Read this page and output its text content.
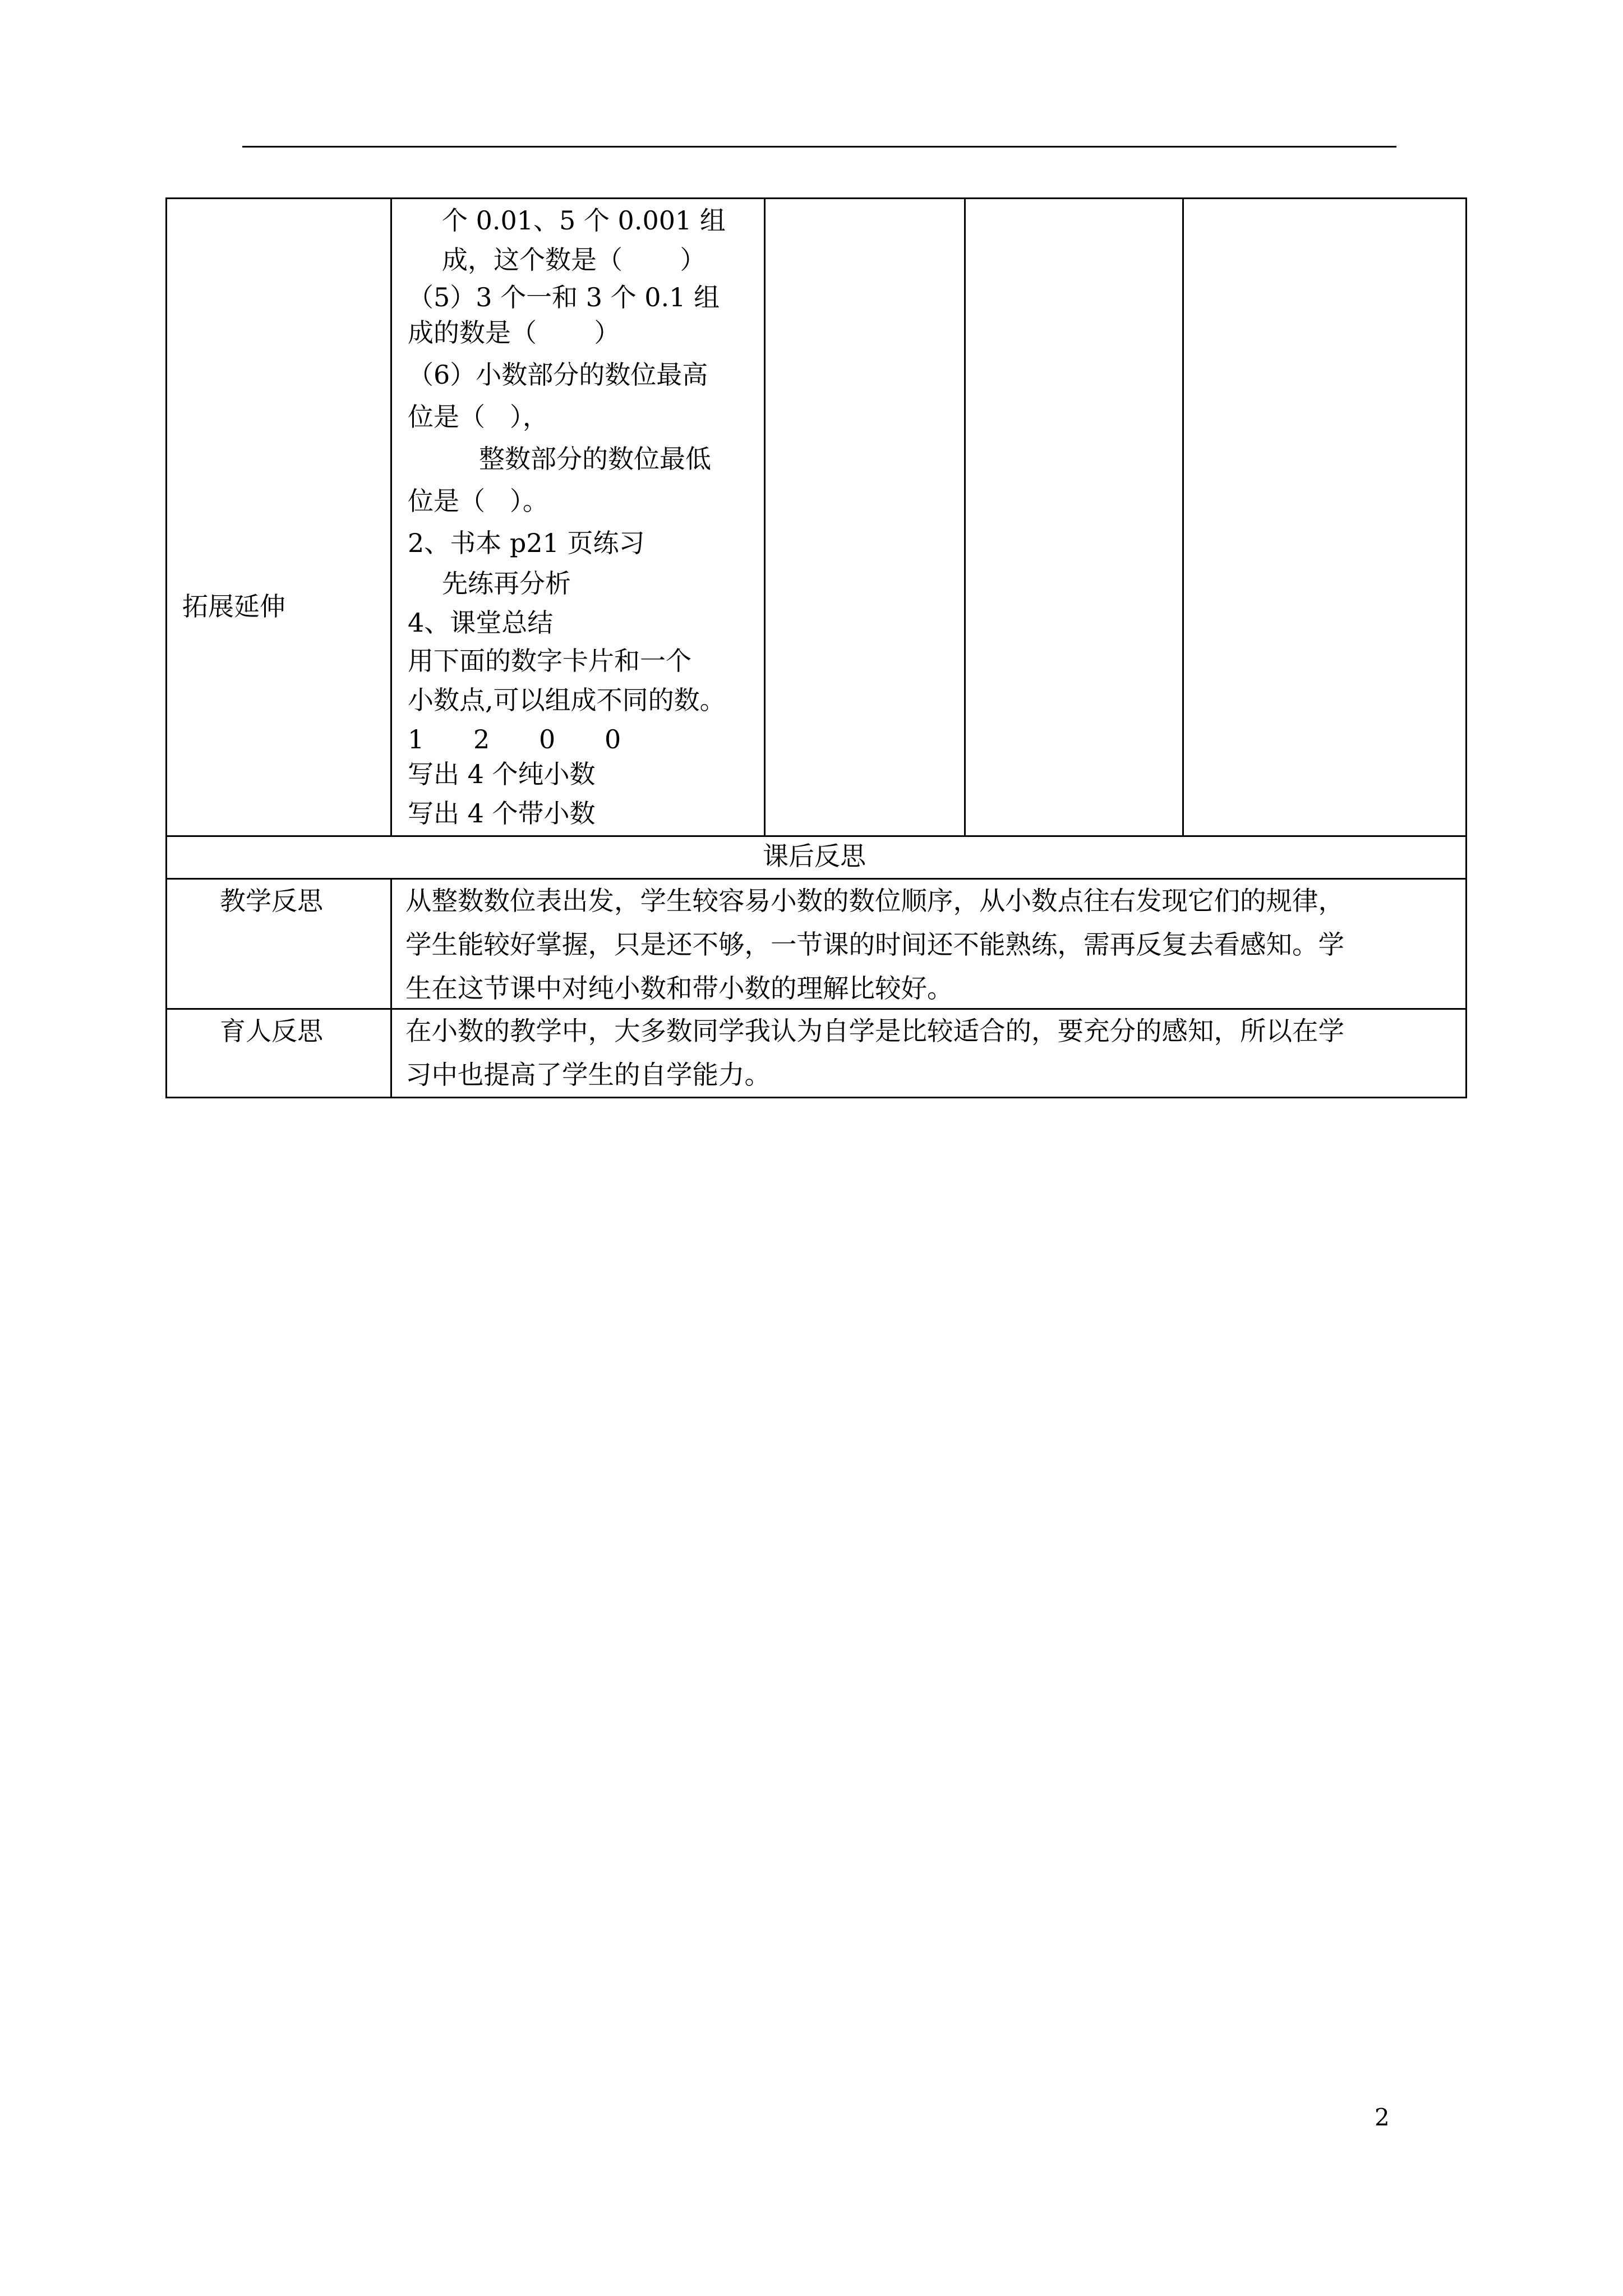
拓展延伸
个 0.01、5 个 0.001 组
成，这个数是（       ）
（5）3 个一和 3 个 0.1 组
成的数是（       ）
（6）小数部分的数位最高
位是（   ），
整数部分的数位最低
位是（   ）。
2、书本 p21 页练习
先练再分析
4、课堂总结
用下面的数字卡片和一个
小数点,可以组成不同的数。
1      2      0      0
写出 4 个纯小数
写出 4 个带小数
课后反思
教学反思	从整数数位表出发，学生较容易小数的数位顺序，从小数点往右发现它们的规律，
学生能较好掌握，只是还不够，一节课的时间还不能熟练，需再反复去看感知。学
生在这节课中对纯小数和带小数的理解比较好。
育人反思	在小数的教学中，大多数同学我认为自学是比较适合的，要充分的感知，所以在学
习中也提高了学生的自学能力。
2
